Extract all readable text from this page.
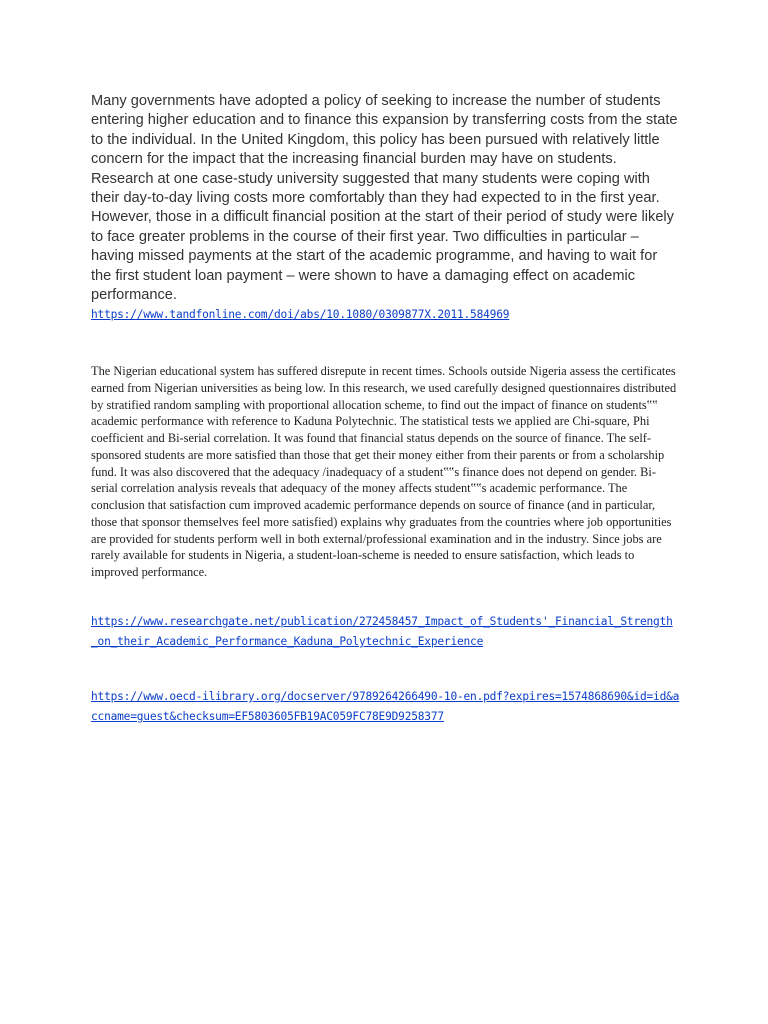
Many governments have adopted a policy of seeking to increase the number of students entering higher education and to finance this expansion by transferring costs from the state to the individual. In the United Kingdom, this policy has been pursued with relatively little concern for the impact that the increasing financial burden may have on students. Research at one case-study university suggested that many students were coping with their day-to-day living costs more comfortably than they had expected to in the first year. However, those in a difficult financial position at the start of their period of study were likely to face greater problems in the course of their first year. Two difficulties in particular – having missed payments at the start of the academic programme, and having to wait for the first student loan payment – were shown to have a damaging effect on academic performance.

https://www.tandfonline.com/doi/abs/10.1080/0309877X.2011.584969

The Nigerian educational system has suffered disrepute in recent times. Schools outside Nigeria assess the certificates earned from Nigerian universities as being low. In this research, we used carefully designed questionnaires distributed by stratified random sampling with proportional allocation scheme, to find out the impact of finance on students‟‟ academic performance with reference to Kaduna Polytechnic. The statistical tests we applied are Chi-square, Phi coefficient and Bi-serial correlation. It was found that financial status depends on the source of finance. The self-sponsored students are more satisfied than those that get their money either from their parents or from a scholarship fund. It was also discovered that the adequacy /inadequacy of a student‟‟s finance does not depend on gender. Bi-serial correlation analysis reveals that adequacy of the money affects student‟‟s academic performance. The conclusion that satisfaction cum improved academic performance depends on source of finance (and in particular, those that sponsor themselves feel more satisfied) explains why graduates from the countries where job opportunities are provided for students perform well in both external/professional examination and in the industry. Since jobs are rarely available for students in Nigeria, a student-loan-scheme is needed to ensure satisfaction, which leads to improved performance.

https://www.researchgate.net/publication/272458457_Impact_of_Students'_Financial_Strength_on_their_Academic_Performance_Kaduna_Polytechnic_Experience

https://www.oecd-ilibrary.org/docserver/9789264266490-10-en.pdf?expires=1574868690&id=id&accname=guest&checksum=EF5803605FB19AC059FC78E9D9258377
